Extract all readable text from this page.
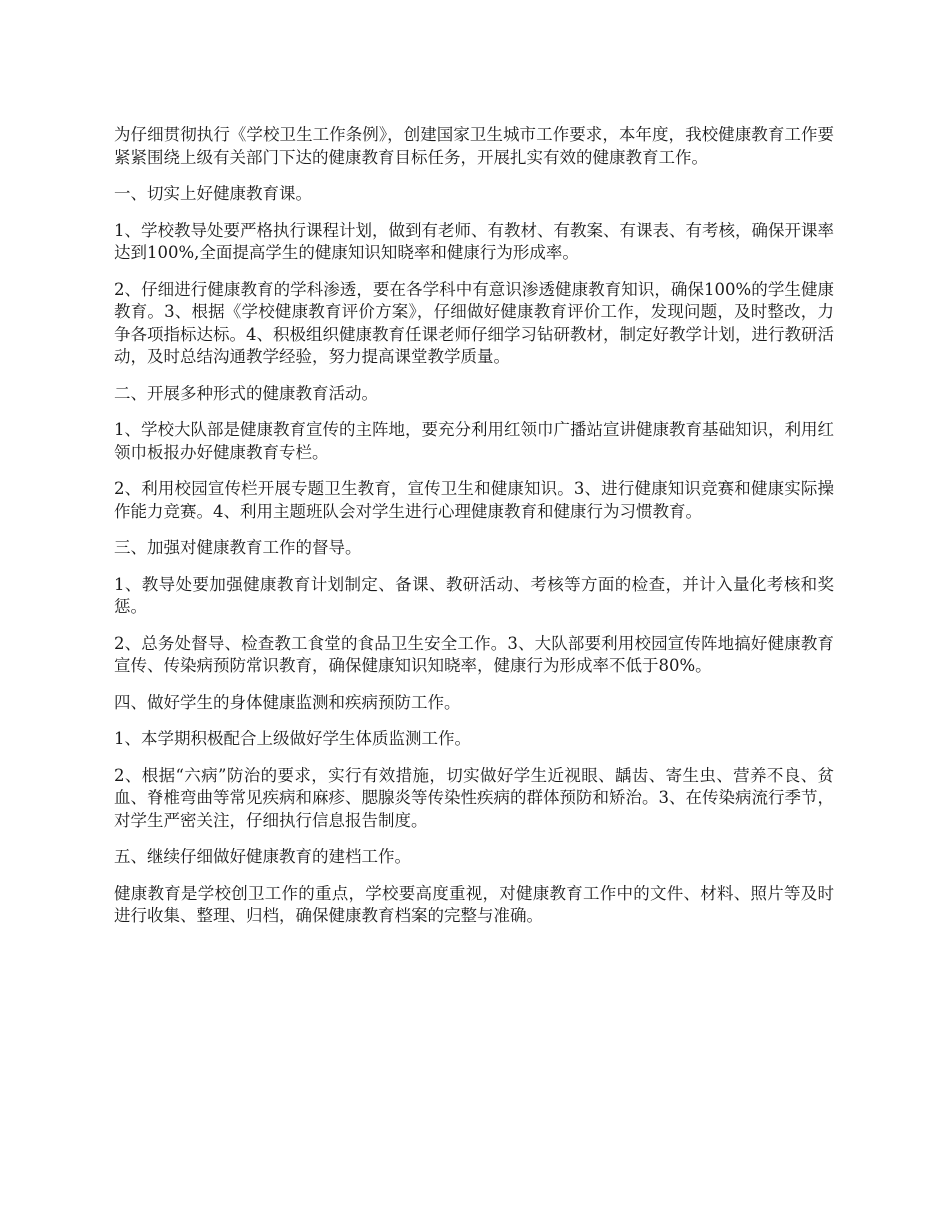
为仔细贯彻执行《学校卫生工作条例》，创建国家卫生城市工作要求，本年度，我校健康教育工作要紧紧围绕上级有关部门下达的健康教育目标任务，开展扎实有效的健康教育工作。

一、切实上好健康教育课。

1、学校教导处要严格执行课程计划，做到有老师、有教材、有教案、有课表、有考核，确保开课率达到100%,全面提高学生的健康知识知晓率和健康行为形成率。

2、仔细进行健康教育的学科渗透，要在各学科中有意识渗透健康教育知识，确保100%的学生健康教育。3、根据《学校健康教育评价方案》，仔细做好健康教育评价工作，发现问题，及时整改，力争各项指标达标。4、积极组织健康教育任课老师仔细学习钻研教材，制定好教学计划，进行教研活动，及时总结沟通教学经验，努力提高课堂教学质量。

二、开展多种形式的健康教育活动。

1、学校大队部是健康教育宣传的主阵地，要充分利用红领巾广播站宣讲健康教育基础知识，利用红领巾板报办好健康教育专栏。

2、利用校园宣传栏开展专题卫生教育，宣传卫生和健康知识。3、进行健康知识竞赛和健康实际操作能力竞赛。4、利用主题班队会对学生进行心理健康教育和健康行为习惯教育。

三、加强对健康教育工作的督导。

1、教导处要加强健康教育计划制定、备课、教研活动、考核等方面的检查，并计入量化考核和奖惩。

2、总务处督导、检查教工食堂的食品卫生安全工作。3、大队部要利用校园宣传阵地搞好健康教育宣传、传染病预防常识教育，确保健康知识知晓率，健康行为形成率不低于80%。

四、做好学生的身体健康监测和疾病预防工作。

1、本学期积极配合上级做好学生体质监测工作。

2、根据“六病”防治的要求，实行有效措施，切实做好学生近视眼、龋齿、寄生虫、营养不良、贫血、脊椎弯曲等常见疾病和麻疹、腮腺炎等传染性疾病的群体预防和矫治。3、在传染病流行季节，对学生严密关注，仔细执行信息报告制度。

五、继续仔细做好健康教育的建档工作。

健康教育是学校创卫工作的重点，学校要高度重视，对健康教育工作中的文件、材料、照片等及时进行收集、整理、归档，确保健康教育档案的完整与准确。
